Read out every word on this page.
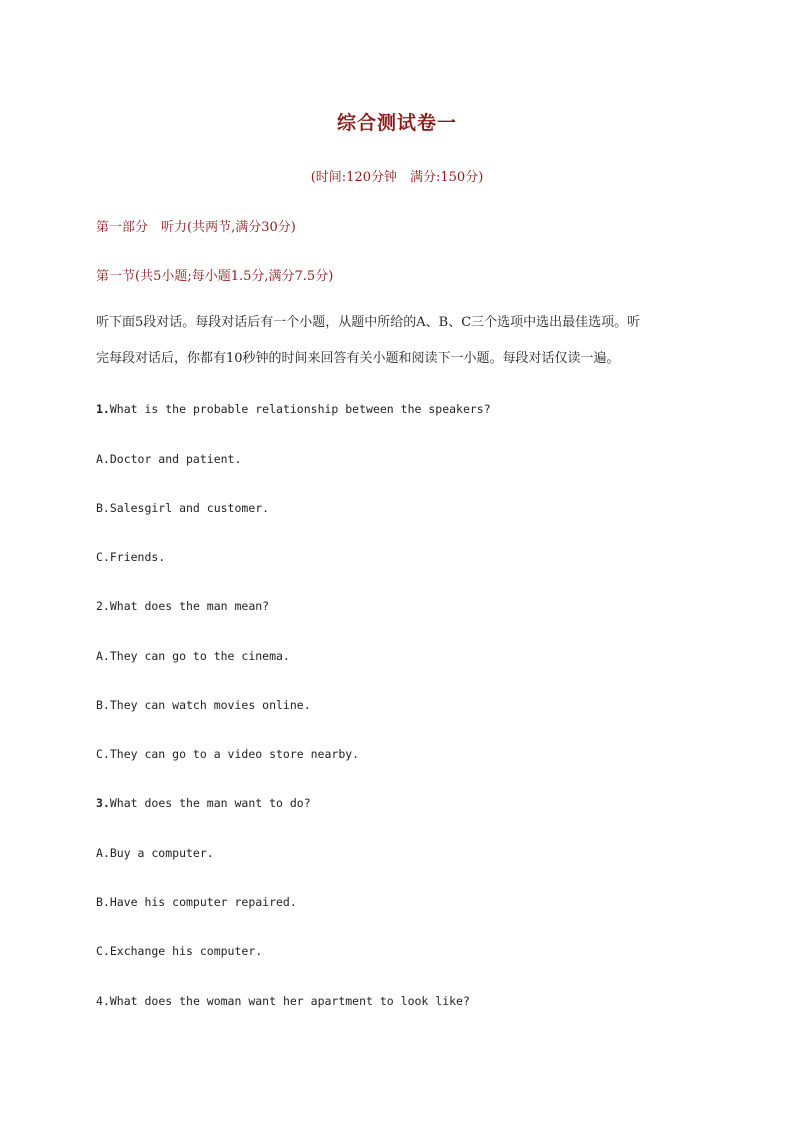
综合测试卷一
(时间:120分钟　满分:150分)
第一部分　听力(共两节,满分30分)
第一节(共5小题;每小题1.5分,满分7.5分)
听下面5段对话。每段对话后有一个小题，从题中所给的A、B、C三个选项中选出最佳选项。听
完每段对话后，你都有10秒钟的时间来回答有关小题和阅读下一小题。每段对话仅读一遍。
1.What is the probable relationship between the speakers?
A.Doctor and patient.
B.Salesgirl and customer.
C.Friends.
2.What does the man mean?
A.They can go to the cinema.
B.They can watch movies online.
C.They can go to a video store nearby.
3.What does the man want to do?
A.Buy a computer.
B.Have his computer repaired.
C.Exchange his computer.
4.What does the woman want her apartment to look like?
